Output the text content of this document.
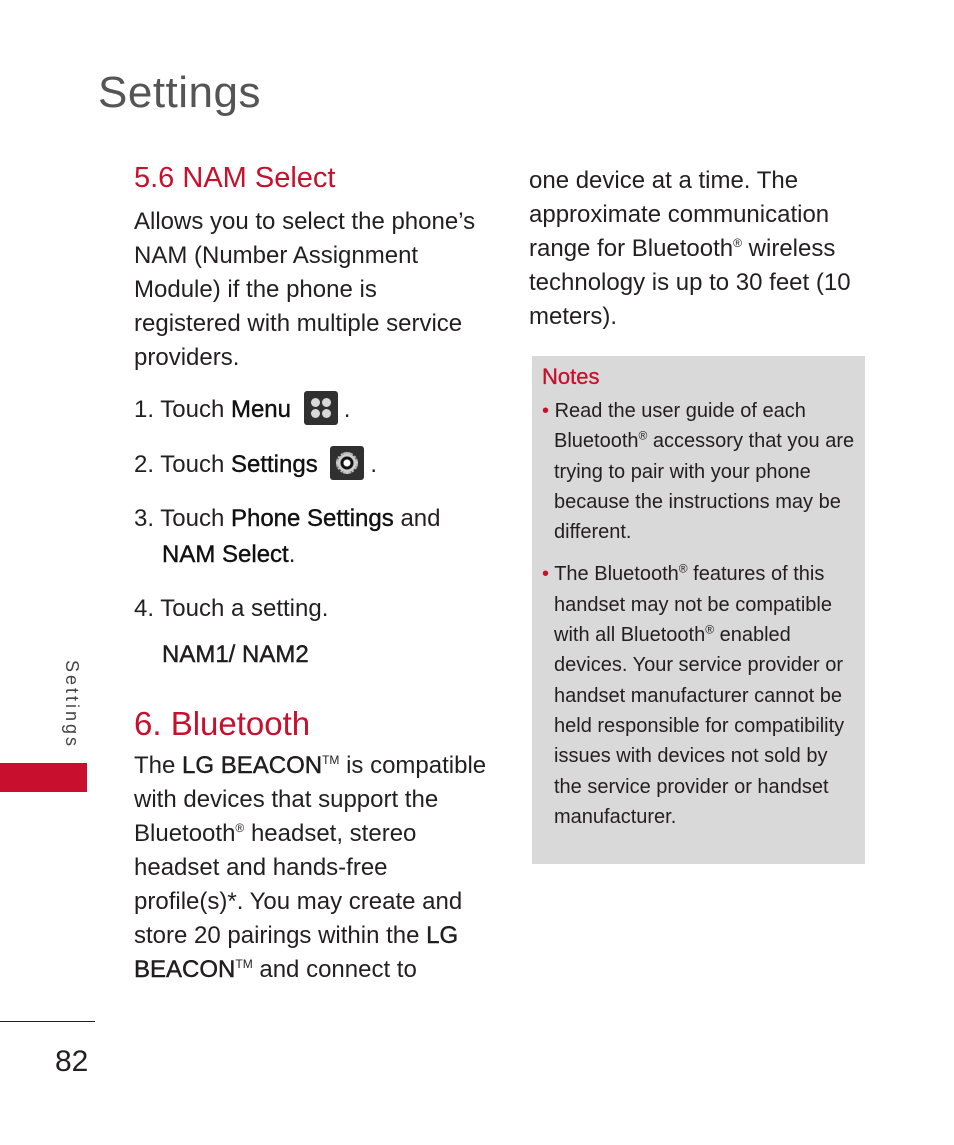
Settings
Settings
82
5.6 NAM Select

Allows you to select the phone’s NAM (Number Assignment Module) if the phone is registered with multiple service providers.

1. Touch Menu .
2. Touch Settings .
3. Touch Phone Settings and
NAM Select.
4. Touch a setting.
NAM1/ NAM2
6. Bluetooth

The LG BEACON™ is compatible with devices that support the Bluetooth® headset, stereo headset and hands-free profile(s)*. You may create and store 20 pairings within the LG BEACON™ and connect to

one device at a time. The approximate communication range for Bluetooth® wireless technology is up to 30 feet (10 meters).

Notes
• Read the user guide of each Bluetooth® accessory that you are trying to pair with your phone because the instructions may be different.
• The Bluetooth® features of this handset may not be compatible with all Bluetooth® enabled devices. Your service provider or handset manufacturer cannot be held responsible for compatibility issues with devices not sold by the service provider or handset manufacturer.
